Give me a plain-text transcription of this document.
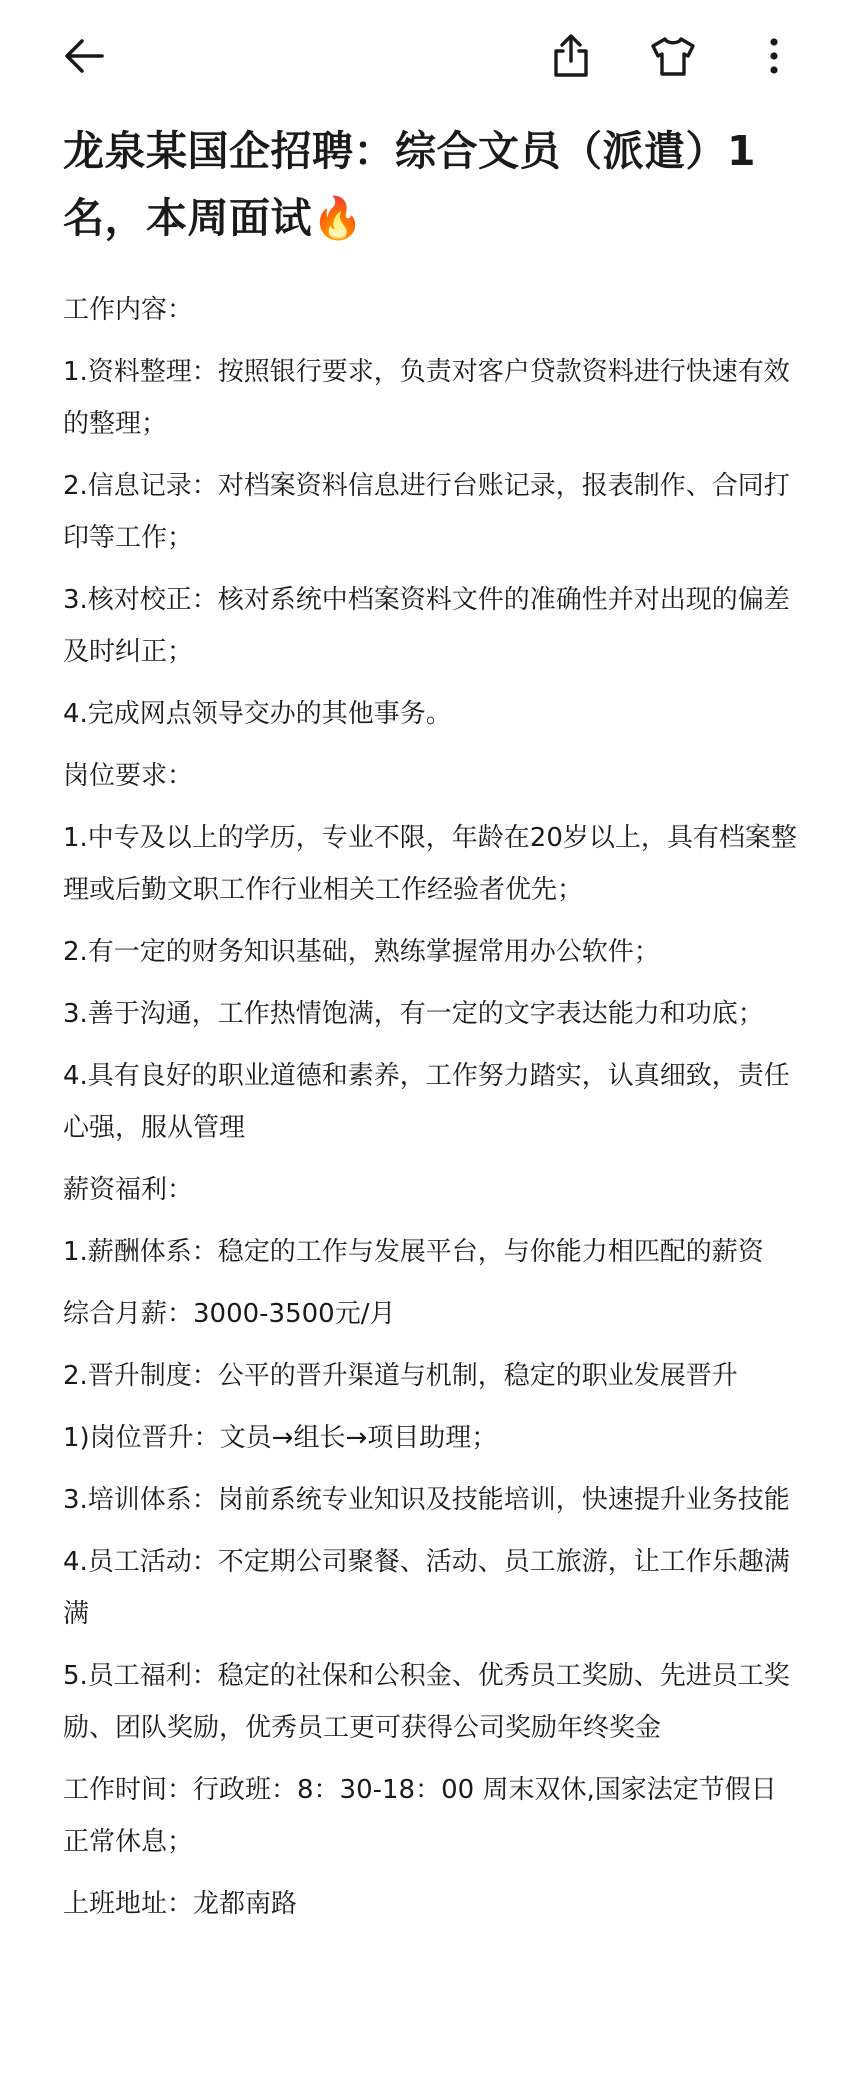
龙泉某国企招聘：综合文员（派遣）1名，本周面试🔥

工作内容：

1.资料整理：按照银行要求，负责对客户贷款资料进行快速有效的整理；

2.信息记录：对档案资料信息进行台账记录，报表制作、合同打印等工作；

3.核对校正：核对系统中档案资料文件的准确性并对出现的偏差及时纠正；

4.完成网点领导交办的其他事务。

岗位要求：

1.中专及以上的学历，专业不限，年龄在20岁以上，具有档案整理或后勤文职工作行业相关工作经验者优先；

2.有一定的财务知识基础，熟练掌握常用办公软件；

3.善于沟通，工作热情饱满，有一定的文字表达能力和功底；

4.具有良好的职业道德和素养，工作努力踏实，认真细致，责任心强，服从管理

薪资福利：

1.薪酬体系：稳定的工作与发展平台，与你能力相匹配的薪资

综合月薪：3000-3500元/月

2.晋升制度：公平的晋升渠道与机制，稳定的职业发展晋升

1)岗位晋升：文员→组长→项目助理；

3.培训体系：岗前系统专业知识及技能培训，快速提升业务技能

4.员工活动：不定期公司聚餐、活动、员工旅游，让工作乐趣满满

5.员工福利：稳定的社保和公积金、优秀员工奖励、先进员工奖励、团队奖励，优秀员工更可获得公司奖励年终奖金

工作时间：行政班：8：30-18：00 周末双休,国家法定节假日正常休息；

上班地址：龙都南路
